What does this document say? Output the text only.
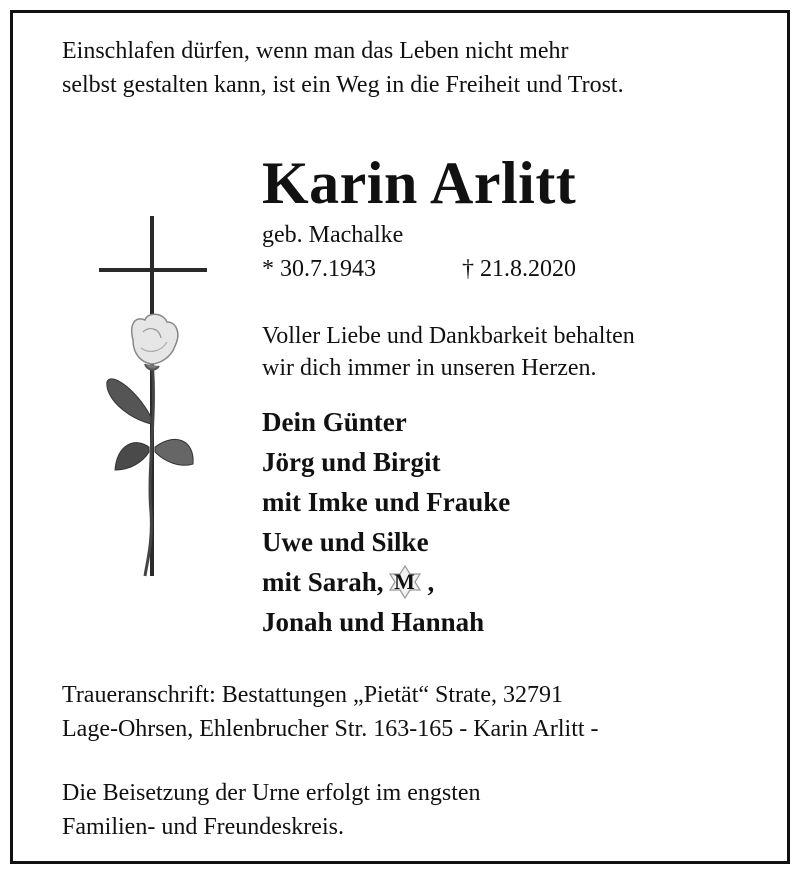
Einschlafen dürfen, wenn man das Leben nicht mehr
selbst gestalten kann, ist ein Weg in die Freiheit und Trost.
Karin Arlitt
geb. Machalke
* 30.7.1943	† 21.8.2020
Voller Liebe und Dankbarkeit behalten
wir dich immer in unseren Herzen.
Dein Günter
Jörg und Birgit
mit Imke und Frauke
Uwe und Silke
mit Sarah, M ,
Jonah und Hannah
Traueranschrift: Bestattungen „Pietät“ Strate, 32791
Lage-Ohrsen, Ehlenbrucher Str. 163-165 - Karin Arlitt -
Die Beisetzung der Urne erfolgt im engsten
Familien- und Freundeskreis.
